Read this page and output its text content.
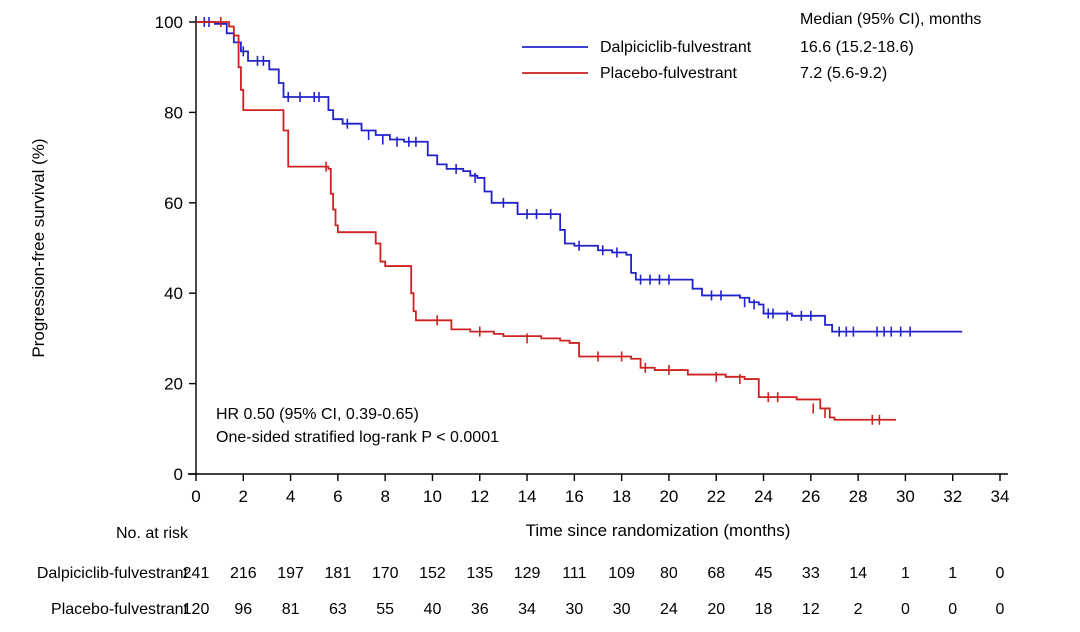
0
20
40
60
80
100
0 2 4 6 8 10 12 14 16 18 20 22 24 26 28 30 32 34
Time since randomization (months)
Progression-free survival (%)
Median (95% CI), months
Dalpiciclib-fulvestrant	16.6 (15.2-18.6)
Placebo-fulvestrant	7.2 (5.6-9.2)
HR 0.50 (95% CI, 0.39-0.65)
One-sided stratified log-rank P < 0.0001
No. at risk
Dalpiciclib-fulvestrant
241 216 197 181 170 152 135 129 111 109 80 68 45 33 14 1 1 0
Placebo-fulvestrant
120 96 81 63 55 40 36 34 30 30 24 20 18 12 2 0 0 0
